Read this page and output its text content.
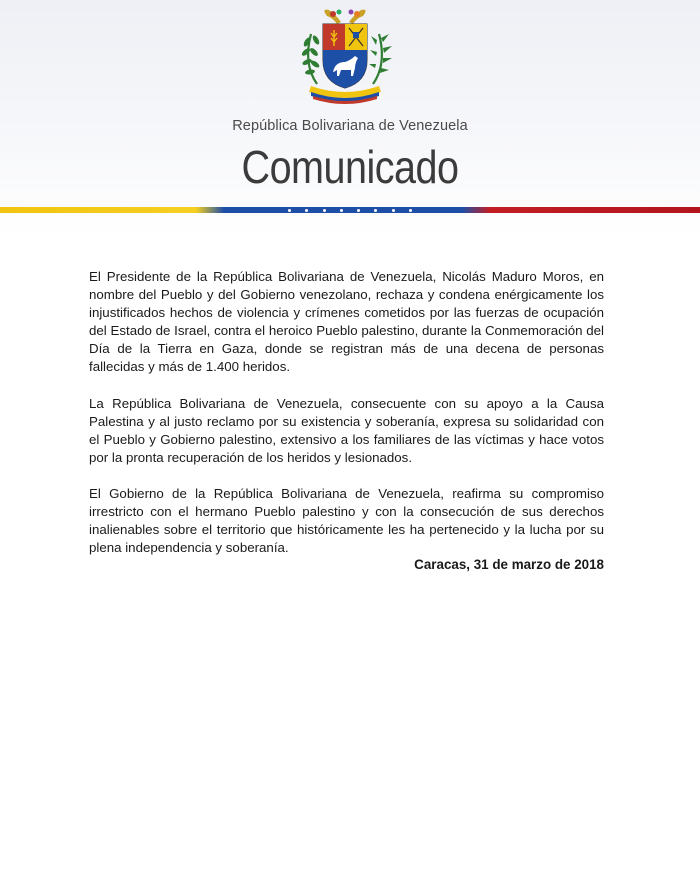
República Bolivariana de Venezuela
Comunicado

El Presidente de la República Bolivariana de Venezuela, Nicolás Maduro Moros, en nombre del Pueblo y del Gobierno venezolano, rechaza y condena enérgicamente los injustificados hechos de violencia y crímenes cometidos por las fuerzas de ocupación del Estado de Israel, contra el heroico Pueblo palestino, durante la Conmemoración del Día de la Tierra en Gaza, donde se registran más de una decena de personas fallecidas y más de 1.400 heridos.

La República Bolivariana de Venezuela, consecuente con su apoyo a la Causa Palestina y al justo reclamo por su existencia y soberanía, expresa su solidaridad con el Pueblo y Gobierno palestino, extensivo a los familiares de las víctimas y hace votos por la pronta recuperación de los heridos y lesionados.

El Gobierno de la República Bolivariana de Venezuela, reafirma su compromiso irrestricto con el hermano Pueblo palestino y con la consecución de sus derechos inalienables sobre el territorio que históricamente les ha pertenecido y la lucha por su plena independencia y soberanía.

Caracas, 31 de marzo de 2018
